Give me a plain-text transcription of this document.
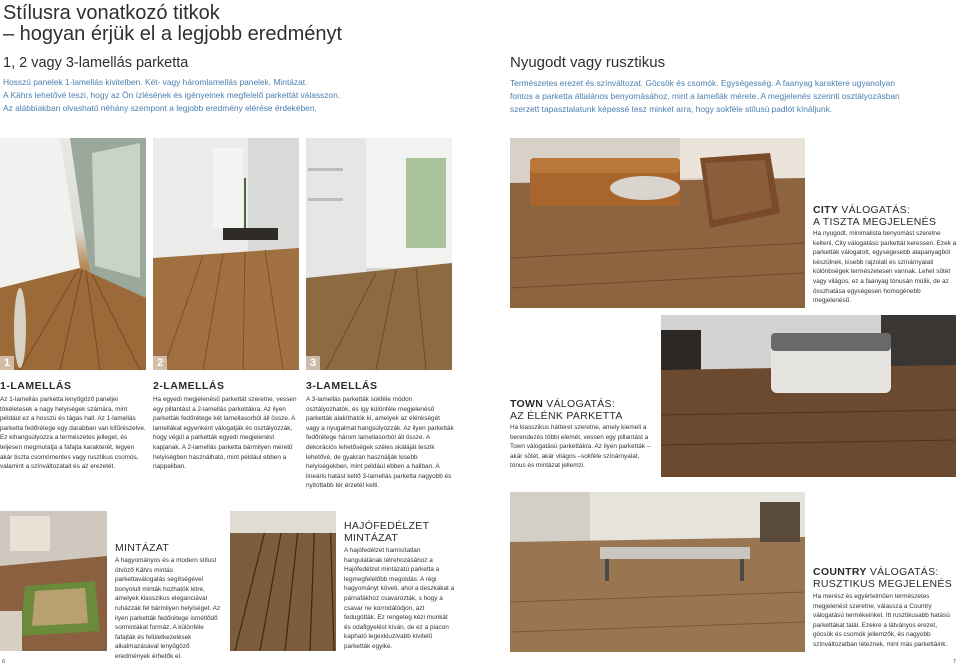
Stílusra vonatkozó titkok
– hogyan érjük el a legjobb eredményt
1, 2 vagy 3-lamellás parketta
Hosszú panelek 1-lamellás kivitelben. Két- vagy háromlamellás panelek. Mintázat.
A Kährs lehetővé teszi, hogy az Ön ízlésének és igényeinek megfelelő parkettát válasszon.
Az alábbiakban olvasható néhány szempont a legjobb eredmény elérése érdekében.
Nyugodt vagy rusztikus
Természetes erezet és színváltozat. Göcsök és csomók. Egységesség. A faanyag karaktere ugyanolyan
fontos a parketta általános benyomásához, mint a lamellák mérete. A megjelenés szerinti osztályozásban
szerzett tapasztalatunk képessé tesz minket arra, hogy sokféle stílusú padlót kínáljunk.
1	2	3
1-LAMELLÁS
Az 1-lamellás parketta lenyűgöző paneljei tökéletesek a nagy helyiségek számára, mint például ez a hosszú és tágas hall. Az 1-lamellás parketta fedőrétege egy darabban van kifűrészelve. Ez kihangsúlyozza a természetes jelleget, és teljesen megmutatja a fafajta karakterét, legyen akár tiszta csomómentes vagy rusztikus csomós, valamint a színváltozatait és az erezetét.
2-LAMELLÁS
Ha egyedi megjelenésű parkettát szeretne, vessen egy pillantást a 2-lamellás parkettákra. Az ilyen parketták fedőrétege két lamellasorból áll össze. A lamellákat egyenként válogatják és osztályozzák, hogy végül a parketták egyedi megjelenést kapjanak. A 2-lamellás parketta bármilyen méretű helyiségben használható, mint például ebben a nappaliban.
3-LAMELLÁS
A 3-lamellás parketták sokféle módon osztályozhatók, és így különféle megjelenésű parketták alakíthatók ki, amelyek az élénkségét vagy a nyugalmat hangsúlyozzák. Az ilyen parketták fedőrétege három lamellasorból áll össze. A dekorációs lehetőségek széles skáláját teszik lehetővé, de gyakran használják kisebb helyiségekben, mint például ebben a hallban. A lineáris hatást keltő 3-lamellás parketta nagyobb és nyitottabb tér érzetét kelti.
MINTÁZAT
A hagyományos és a modern stílust ötvöző Kährs mintás parkettaválogatás segítségével bonyolult minták hozhatók létre, amelyek klasszikus eleganciával ruházzák fel bármilyen helyiséget. Az ilyen parketták fedőrétege ismétlődő sormintákat formáz. A különféle fafajták és felületkezelések alkalmazásával lenyűgöző eredmények érhetők el.
HAJÓFEDÉLZET
MINTÁZAT
A hajófedélzet hamisítatlan hangulatának létrehozásához a Hajófedélzet mintázatú parketta a legmegfelelőbb megoldás. A régi hagyományt követi, ahol a deszkákat a párnafákhoz csavarozták, s hogy a csavar ne korrodálódjon, azt fedugótták. Ez rengeteg kézi munkát és odafigyelést kíván, de ez a piacon kapható legexkluzívabb kivitelű parketták egyike.
6
CITY VÁLOGATÁS:
A TISZTA MEGJELENÉS
Ha nyugodt, minimalista benyomást szeretne kelteni, City válogatású parkettát keressen. Ezek a parketták válogatott, egységesebb alapanyagból készülnek, kisebb rajzolati és színárnyalati különbségek természetesen vannak. Lehet sötét vagy világos, ez a faanyag tónusán múlik, de az összhatása egységesen homogénebb megjelenésű.
TOWN VÁLOGATÁS:
AZ ÉLÉNK PARKETTA
Ha klasszikus hátteret szeretne, amely kiemeli a berendezés többi elemét, vessen egy pillantást a Town válogatású parkettákra. Az ilyen parketták – akár sötét, akár világos –sokféle színárnyalat, tónus és mintázat jellemzi.
COUNTRY VÁLOGATÁS:
RUSZTIKUS MEGJELENÉS
Ha merész és egyértelműen természetes megjelenést szeretne, válassza a Country válogatású termékeinket. Itt rusztikusabb hatású parkettákat talál. Ezekre a látványos erezet, göcsök és csomók jellemzők, és nagyobb színváltozatban léteznek, mint más parkettáink.
7
